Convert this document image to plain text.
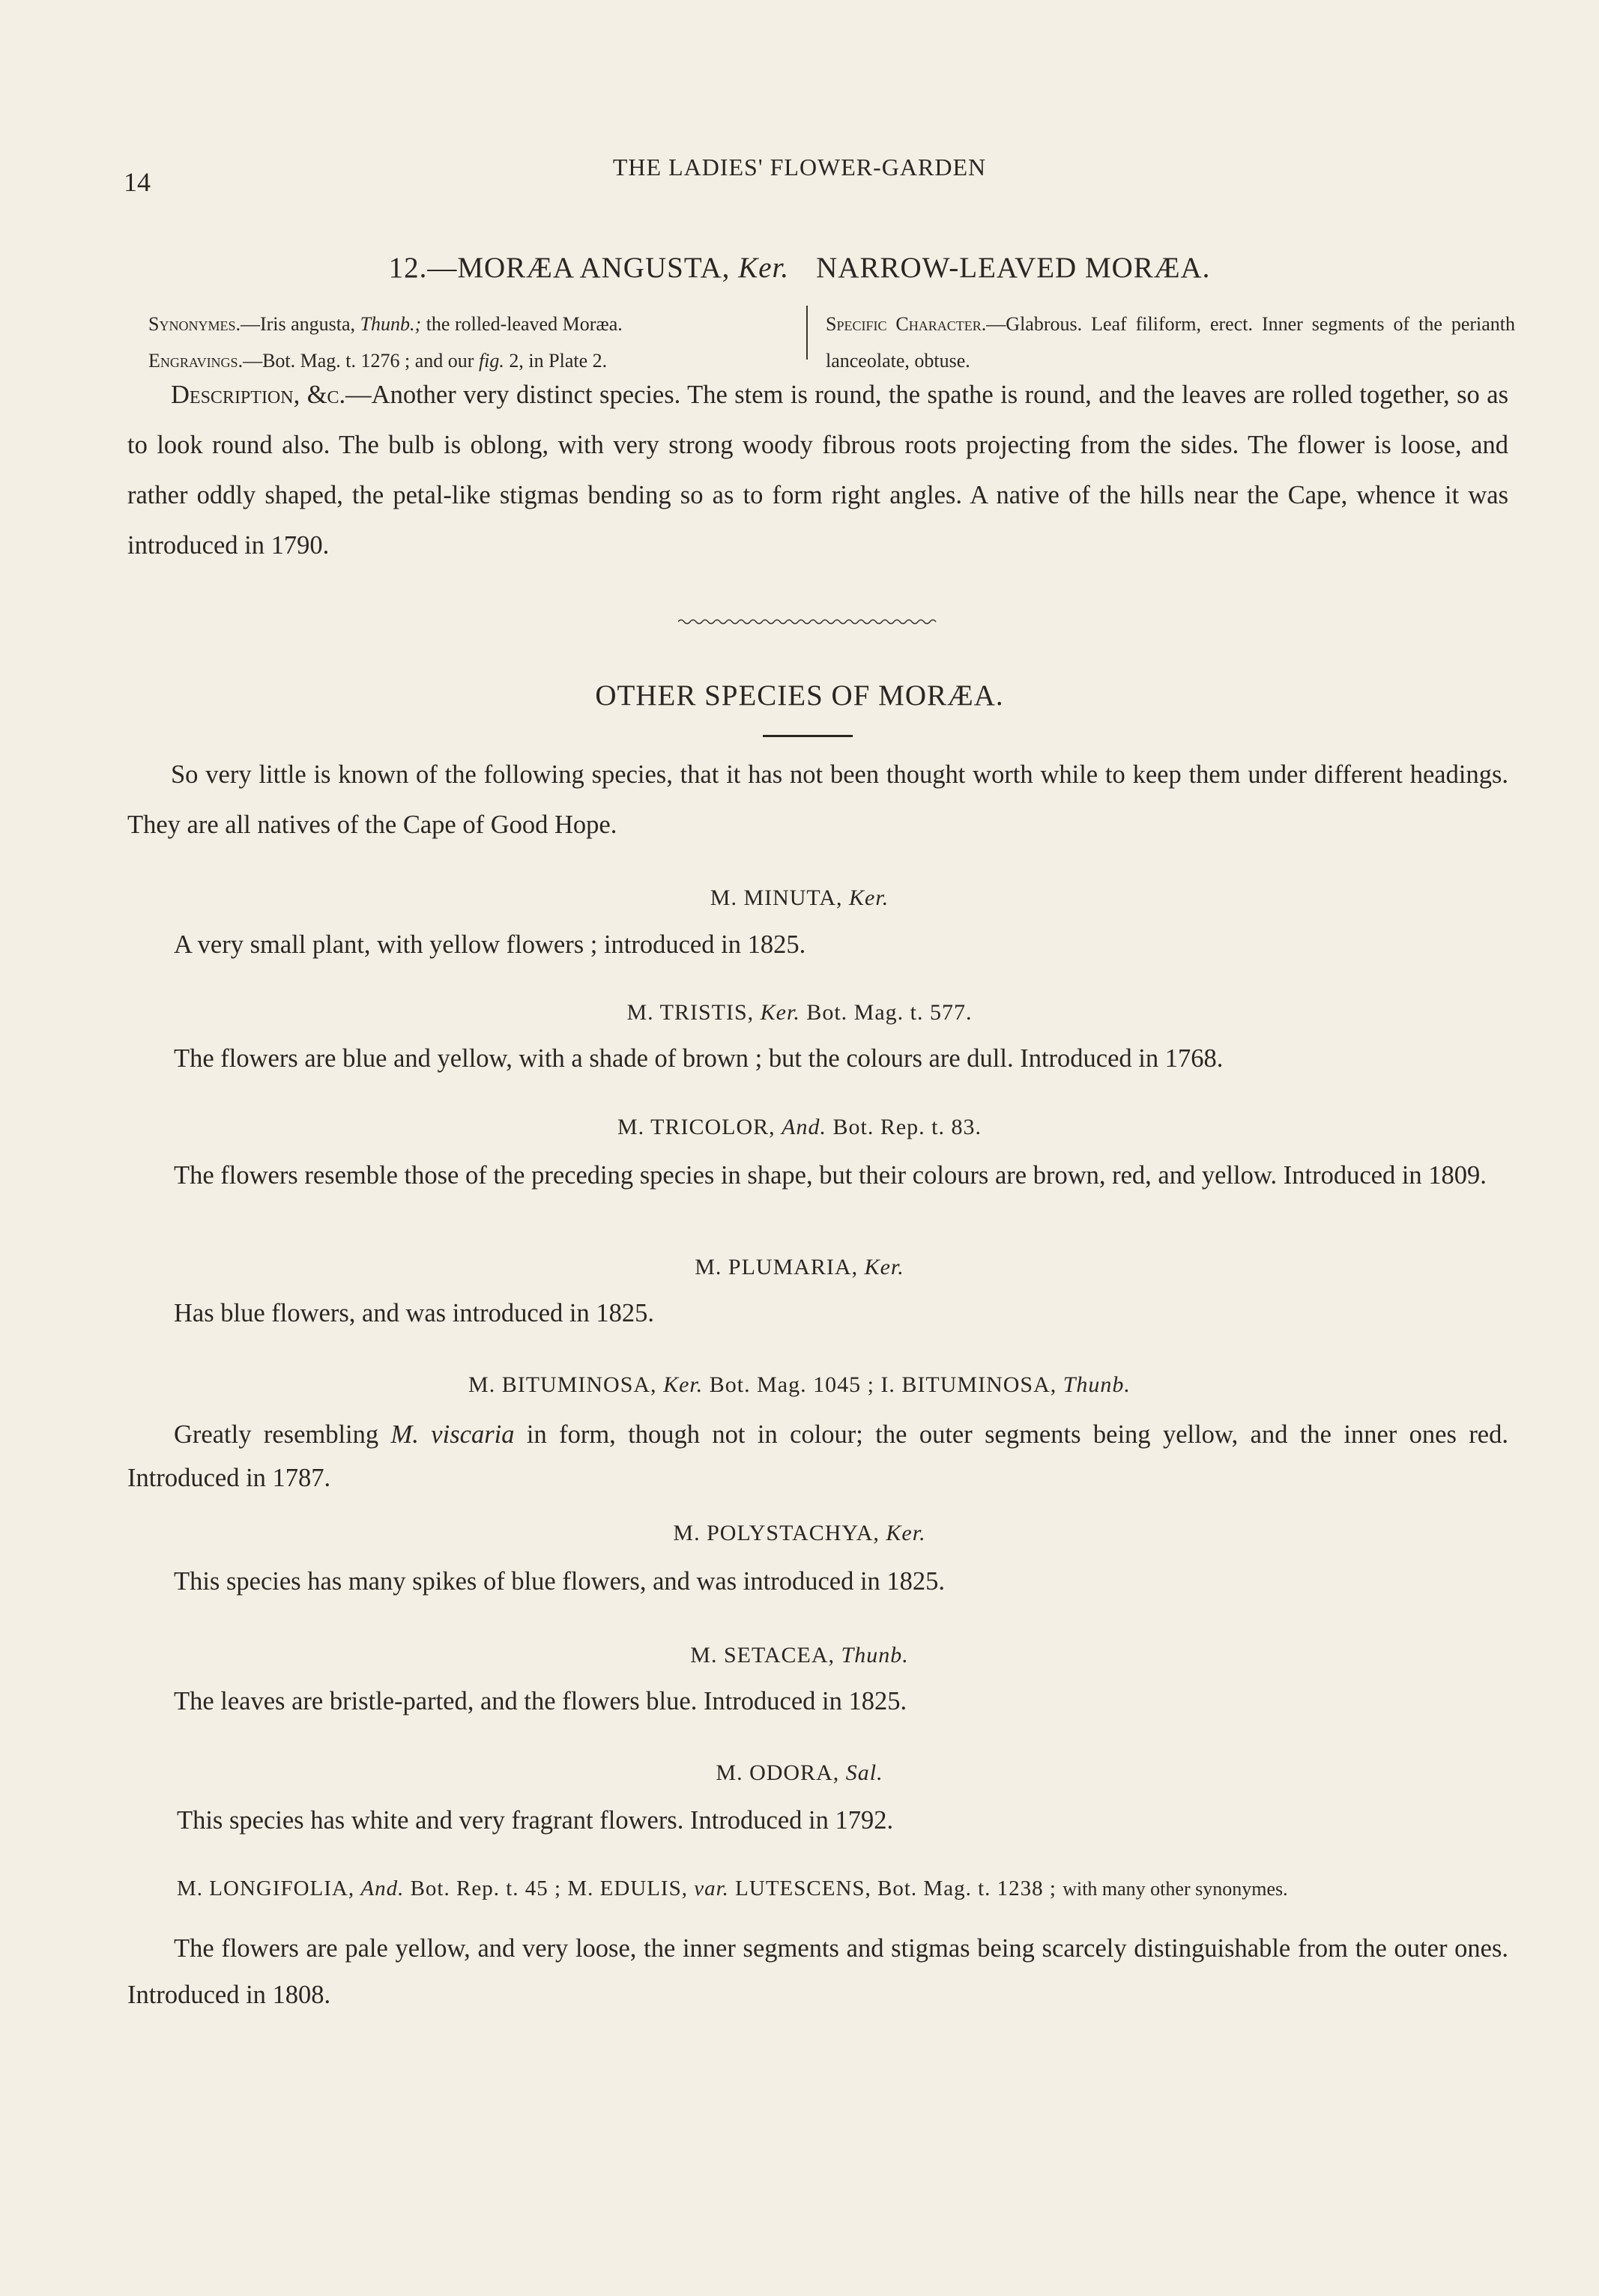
14	THE LADIES' FLOWER-GARDEN
12.—MORÆA ANGUSTA, Ker. NARROW-LEAVED MORÆA.
Synonymes.—Iris angusta, Thunb.; the rolled-leaved Moræa.
Engravings.—Bot. Mag. t. 1276 ; and our fig. 2, in Plate 2.
Specific Character.—Glabrous. Leaf filiform, erect. Inner segments of the perianth lanceolate, obtuse.
Description, &c.—Another very distinct species. The stem is round, the spathe is round, and the leaves are rolled together, so as to look round also. The bulb is oblong, with very strong woody fibrous roots projecting from the sides. The flower is loose, and rather oddly shaped, the petal-like stigmas bending so as to form right angles. A native of the hills near the Cape, whence it was introduced in 1790.
OTHER SPECIES OF MORÆA.
So very little is known of the following species, that it has not been thought worth while to keep them under different headings. They are all natives of the Cape of Good Hope.
M. MINUTA, Ker.
A very small plant, with yellow flowers ; introduced in 1825.
M. TRISTIS, Ker. Bot. Mag. t. 577.
The flowers are blue and yellow, with a shade of brown ; but the colours are dull. Introduced in 1768.
M. TRICOLOR, And. Bot. Rep. t. 83.
The flowers resemble those of the preceding species in shape, but their colours are brown, red, and yellow. Introduced in 1809.
M. PLUMARIA, Ker.
Has blue flowers, and was introduced in 1825.
M. BITUMINOSA, Ker. Bot. Mag. 1045 ; I. BITUMINOSA, Thunb.
Greatly resembling M. viscaria in form, though not in colour; the outer segments being yellow, and the inner ones red. Introduced in 1787.
M. POLYSTACHYA, Ker.
This species has many spikes of blue flowers, and was introduced in 1825.
M. SETACEA, Thunb.
The leaves are bristle-parted, and the flowers blue. Introduced in 1825.
M. ODORA, Sal.
This species has white and very fragrant flowers. Introduced in 1792.
M. LONGIFOLIA, And. Bot. Rep. t. 45 ; M. EDULIS, var. LUTESCENS, Bot. Mag. t. 1238 ; with many other synonymes.
The flowers are pale yellow, and very loose, the inner segments and stigmas being scarcely distinguishable from the outer ones. Introduced in 1808.
